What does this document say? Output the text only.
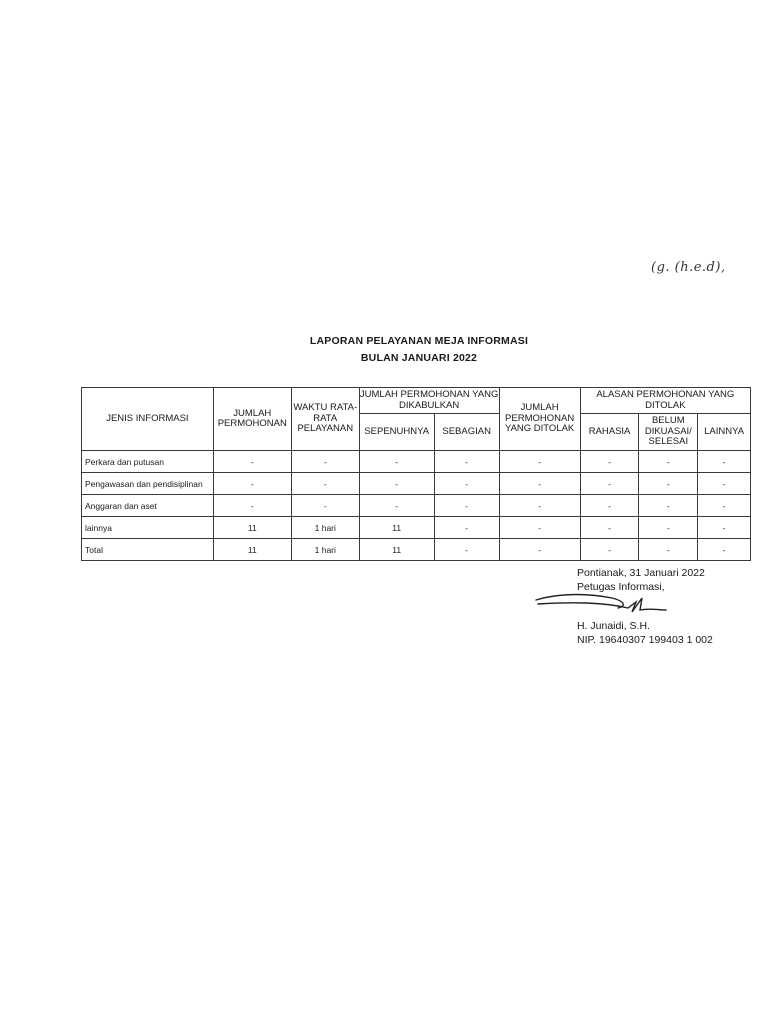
(g. (h.e.d),
LAPORAN PELAYANAN MEJA INFORMASI
BULAN JANUARI 2022
JENIS INFORMASI	JUMLAH PERMOHONAN	WAKTU RATA-RATA PELAYANAN	JUMLAH PERMOHONAN YANG DIKABULKAN		JUMLAH PERMOHONAN YANG DITOLAK	ALASAN PERMOHONAN YANG DITOLAK		
			SEPENUHNYA	SEBAGIAN		RAHASIA	BELUM DIKUASAI/ SELESAI	LAINNYA
Perkara dan putusan	-	-	-	-	-	-	-	-
Pengawasan dan pendisiplinan	-	-	-	-	-	-	-	-
Anggaran dan aset	-	-	-	-	-	-	-	-
lainnya	11	1 hari	11	-	-	-	-	-
Total	11	1 hari	11	-	-	-	-	-
Pontianak, 31 Januari 2022
Petugas Informasi,
H. Junaidi, S.H.
NIP. 19640307 199403 1 002
